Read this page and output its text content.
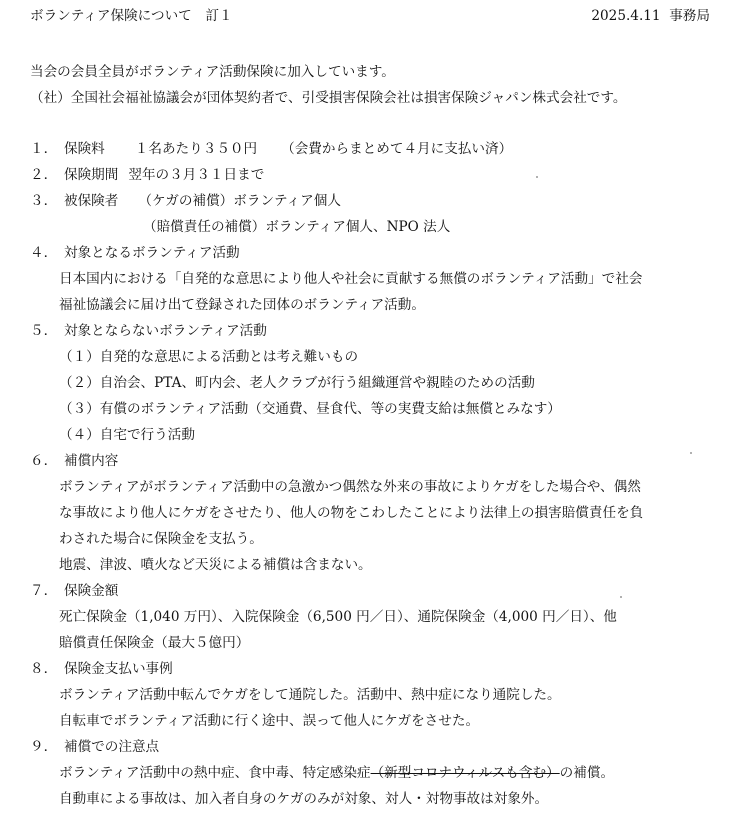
ボランティア保険について　訂１	2025.4.11 事務局
当会の会員全員がボランティア活動保険に加入しています。
（社）全国社会福祉協議会が団体契約者で、引受損害保険会社は損害保険ジャパン株式会社です。
１． 保険料 １名あたり３５０円 （会費からまとめて４月に支払い済）
２． 保険期間 翌年の３月３１日まで
３． 被保険者 （ケガの補償）ボランティア個人
（賠償責任の補償）ボランティア個人、NPO 法人
４． 対象となるボランティア活動
日本国内における「自発的な意思により他人や社会に貢献する無償のボランティア活動」で社会
福祉協議会に届け出て登録された団体のボランティア活動。
５． 対象とならないボランティア活動
（１）自発的な意思による活動とは考え難いもの
（２）自治会、PTA、町内会、老人クラブが行う組織運営や親睦のための活動
（３）有償のボランティア活動（交通費、昼食代、等の実費支給は無償とみなす）
（４）自宅で行う活動
６． 補償内容
ボランティアがボランティア活動中の急激かつ偶然な外来の事故によりケガをした場合や、偶然
な事故により他人にケガをさせたり、他人の物をこわしたことにより法律上の損害賠償責任を負
わされた場合に保険金を支払う。
地震、津波、噴火など天災による補償は含まない。
７． 保険金額
死亡保険金（1,040 万円）、入院保険金（6,500 円／日）、通院保険金（4,000 円／日）、他
賠償責任保険金（最大５億円）
８． 保険金支払い事例
ボランティア活動中転んでケガをして通院した。活動中、熱中症になり通院した。
自転車でボランティア活動に行く途中、誤って他人にケガをさせた。
９． 補償での注意点
ボランティア活動中の熱中症、食中毒、特定感染症（新型コロナウィルスも含む）の補償。
自動車による事故は、加入者自身のケガのみが対象、対人・対物事故は対象外。
